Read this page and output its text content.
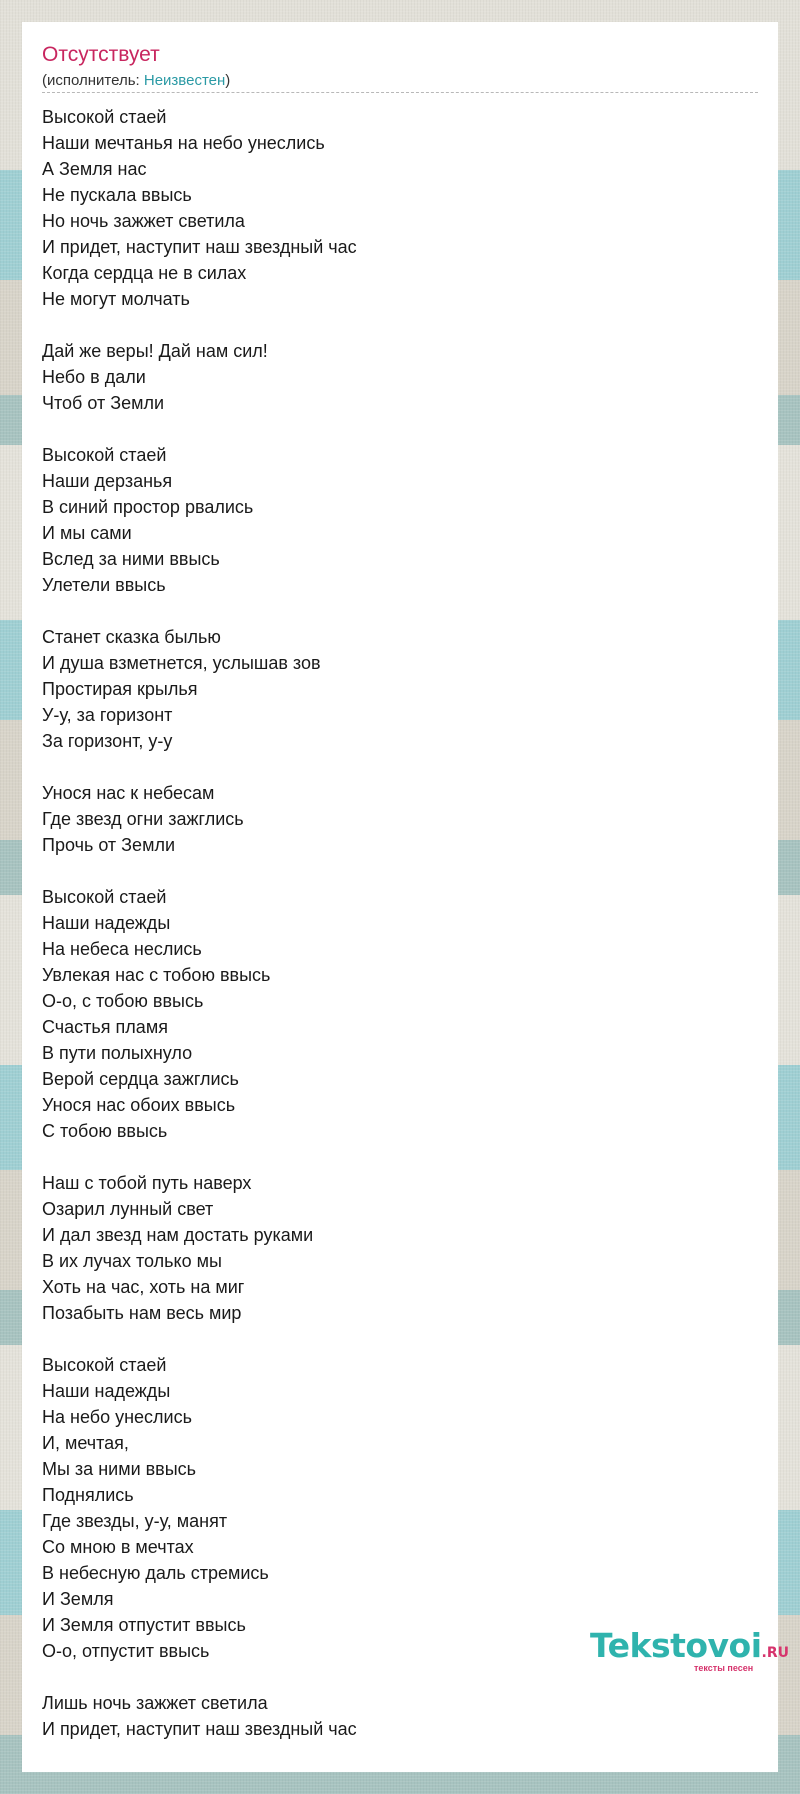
Отсутствует
(исполнитель: Неизвестен)
Высокой стаей
Наши мечтанья на небо унеслись
А Земля нас
Не пускала ввысь
Но ночь зажжет светила
И придет, наступит наш звездный час
Когда сердца не в силах
Не могут молчать
Дай же веры! Дай нам сил!
Небо в дали
Чтоб от Земли
Высокой стаей
Наши дерзанья
В синий простор рвались
И мы сами
Вслед за ними ввысь
Улетели ввысь
Станет сказка былью
И душа взметнется, услышав зов
Простирая крылья
У-у, за горизонт
За горизонт, у-у
Унося нас к небесам
Где звезд огни зажглись
Прочь от Земли
Высокой стаей
Наши надежды
На небеса неслись
Увлекая нас с тобою ввысь
О-о, с тобою ввысь
Счастья пламя
В пути полыхнуло
Верой сердца зажглись
Унося нас обоих ввысь
С тобою ввысь
Наш с тобой путь наверх
Озарил лунный свет
И дал звезд нам достать руками
В их лучах только мы
Хоть на час, хоть на миг
Позабыть нам весь мир
Высокой стаей
Наши надежды
На небо унеслись
И, мечтая,
Мы за ними ввысь
Поднялись
Где звезды, у-у, манят
Со мною в мечтах
В небесную даль стремись
И Земля
И Земля отпустит ввысь
О-о, отпустит ввысь
Лишь ночь зажжет светила
И придет, наступит наш звездный час
Tekstovoi.RU
тексты песен
